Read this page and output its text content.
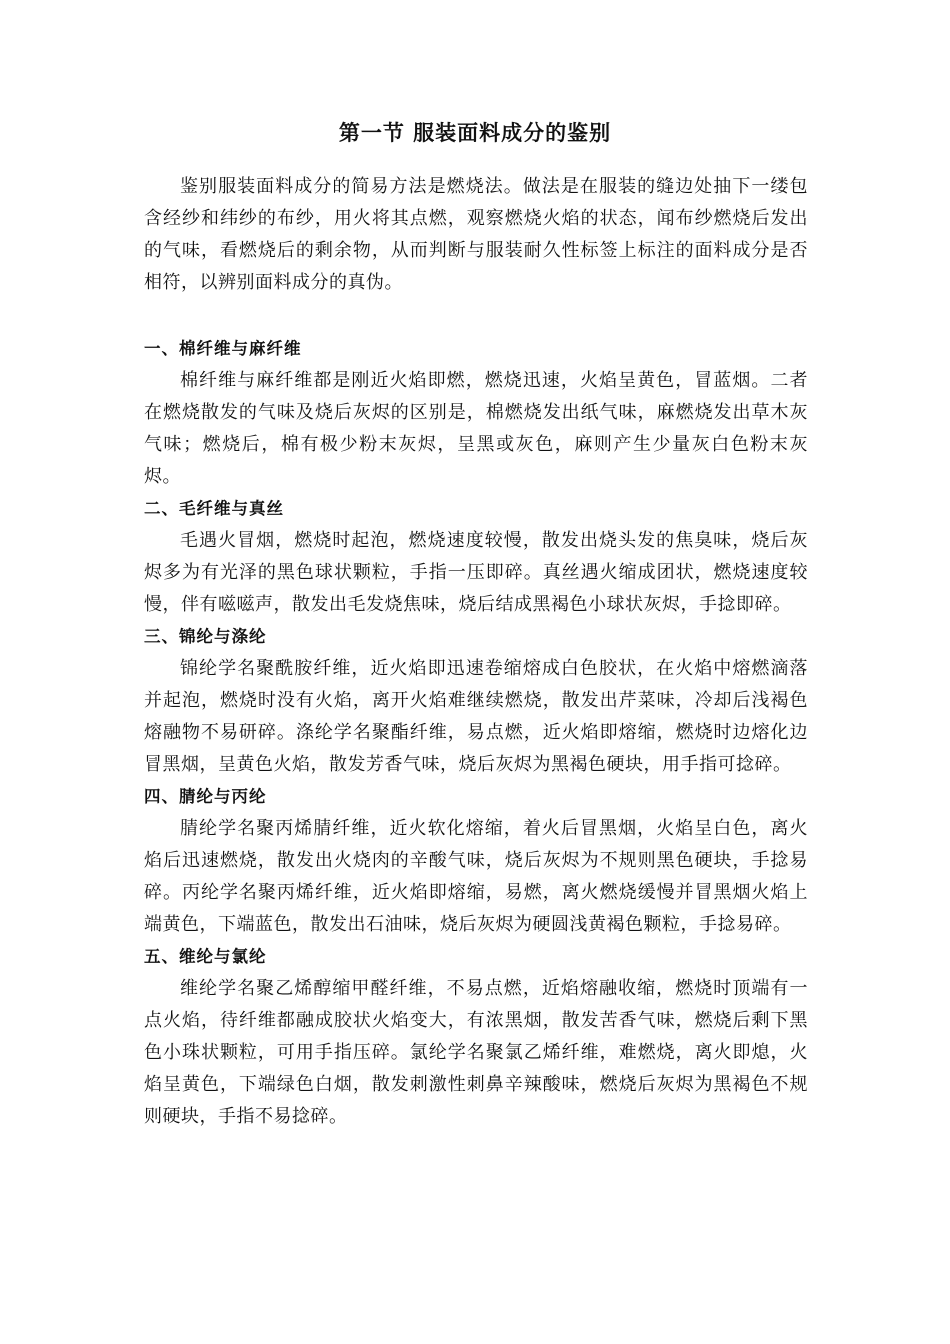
第一节 服装面料成分的鉴别

鉴别服装面料成分的简易方法是燃烧法。做法是在服装的缝边处抽下一缕包含经纱和纬纱的布纱，用火将其点燃，观察燃烧火焰的状态，闻布纱燃烧后发出的气味，看燃烧后的剩余物，从而判断与服装耐久性标签上标注的面料成分是否相符，以辨别面料成分的真伪。

一、棉纤维与麻纤维

棉纤维与麻纤维都是刚近火焰即燃，燃烧迅速，火焰呈黄色，冒蓝烟。二者在燃烧散发的气味及烧后灰烬的区别是，棉燃烧发出纸气味，麻燃烧发出草木灰气味；燃烧后，棉有极少粉末灰烬，呈黑或灰色，麻则产生少量灰白色粉末灰烬。

二、毛纤维与真丝

毛遇火冒烟，燃烧时起泡，燃烧速度较慢，散发出烧头发的焦臭味，烧后灰烬多为有光泽的黑色球状颗粒，手指一压即碎。真丝遇火缩成团状，燃烧速度较慢，伴有嗞嗞声，散发出毛发烧焦味，烧后结成黑褐色小球状灰烬，手捻即碎。

三、锦纶与涤纶

锦纶学名聚酰胺纤维，近火焰即迅速卷缩熔成白色胶状，在火焰中熔燃滴落并起泡，燃烧时没有火焰，离开火焰难继续燃烧，散发出芹菜味，冷却后浅褐色熔融物不易研碎。涤纶学名聚酯纤维，易点燃，近火焰即熔缩，燃烧时边熔化边冒黑烟，呈黄色火焰，散发芳香气味，烧后灰烬为黑褐色硬块，用手指可捻碎。

四、腈纶与丙纶

腈纶学名聚丙烯腈纤维，近火软化熔缩，着火后冒黑烟，火焰呈白色，离火焰后迅速燃烧，散发出火烧肉的辛酸气味，烧后灰烬为不规则黑色硬块，手捻易碎。丙纶学名聚丙烯纤维，近火焰即熔缩，易燃，离火燃烧缓慢并冒黑烟火焰上端黄色，下端蓝色，散发出石油味，烧后灰烬为硬圆浅黄褐色颗粒，手捻易碎。

五、维纶与氯纶

维纶学名聚乙烯醇缩甲醛纤维，不易点燃，近焰熔融收缩，燃烧时顶端有一点火焰，待纤维都融成胶状火焰变大，有浓黑烟，散发苦香气味，燃烧后剩下黑色小珠状颗粒，可用手指压碎。氯纶学名聚氯乙烯纤维，难燃烧，离火即熄，火焰呈黄色，下端绿色白烟，散发刺激性刺鼻辛辣酸味，燃烧后灰烬为黑褐色不规则硬块，手指不易捻碎。
